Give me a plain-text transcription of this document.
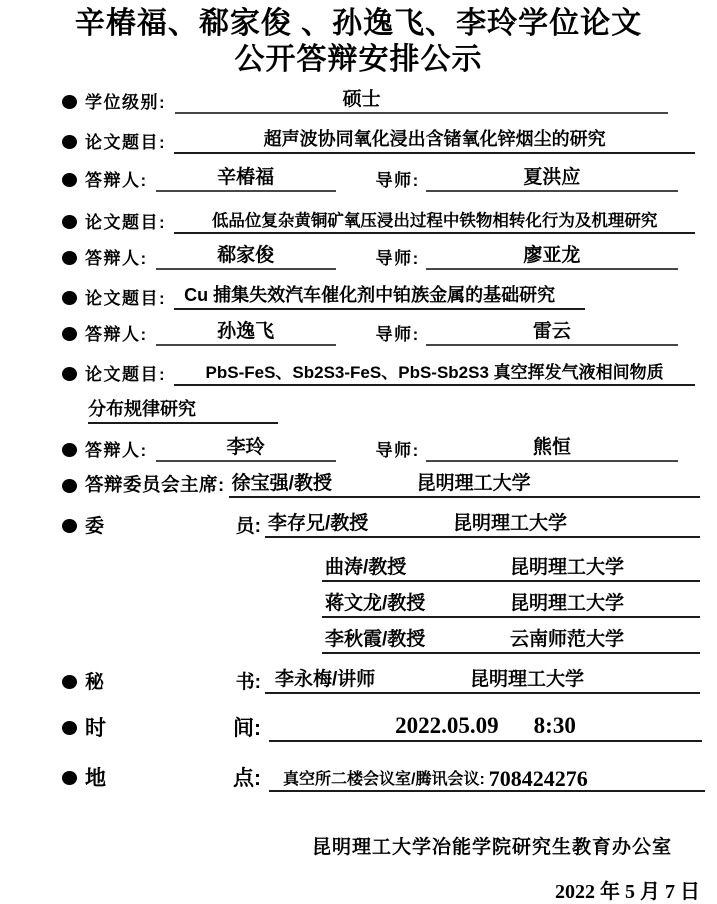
辛椿福、郗家俊 、孙逸飞、李玲学位论文
公开答辩安排公示
学位级别:	硕士
论文题目:	超声波协同氧化浸出含锗氧化锌烟尘的研究
答辩人:	辛椿福	导师:	夏洪应
论文题目:	低品位复杂黄铜矿氧压浸出过程中铁物相转化行为及机理研究
答辩人:	郗家俊	导师:	廖亚龙
论文题目:	Cu 捕集失效汽车催化剂中铂族金属的基础研究
答辩人:	孙逸飞	导师:	雷云
论文题目:	PbS-FeS、Sb2S3-FeS、PbS-Sb2S3 真空挥发气液相间物质
分布规律研究
答辩人:	李玲	导师:	熊恒
答辩委员会主席: 徐宝强/教授	昆明理工大学
委	员: 李存兄/教授	昆明理工大学
曲涛/教授	昆明理工大学
蒋文龙/教授	昆明理工大学
李秋霞/教授	云南师范大学
秘	书: 李永梅/讲师	昆明理工大学
时	间:	2022.05.09 8:30
地	点: 真空所二楼会议室/腾讯会议: 708424276
昆明理工大学冶能学院研究生教育办公室
2022 年 5 月 7 日
